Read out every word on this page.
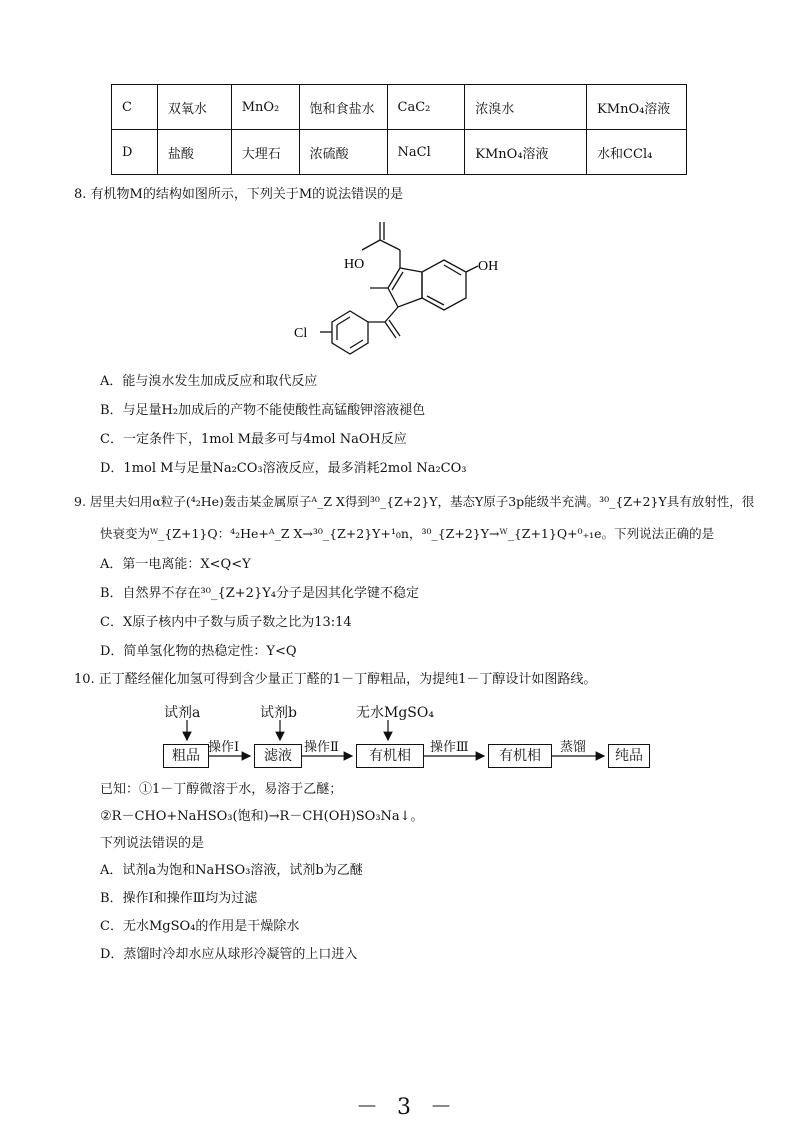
C	双氧水	MnO₂	饱和食盐水	CaC₂	浓溴水	KMnO₄溶液
D	盐酸	大理石	浓硫酸	NaCl	KMnO₄溶液	水和CCl₄
8. 有机物M的结构如图所示，下列关于M的说法错误的是
HO	OH
Cl
A．能与溴水发生加成反应和取代反应
B．与足量H₂加成后的产物不能使酸性高锰酸钾溶液褪色
C．一定条件下，1mol M最多可与4mol NaOH反应
D．1mol M与足量Na₂CO₃溶液反应，最多消耗2mol Na₂CO₃
9. 居里夫妇用α粒子(⁴₂He)轰击某金属原子ᴬ_Z X得到³⁰_{Z+2}Y，基态Y原子3p能级半充满。³⁰_{Z+2}Y具有放射性，很
快衰变为ᵂ_{Z+1}Q：⁴₂He+ᴬ_Z X→³⁰_{Z+2}Y+¹₀n，³⁰_{Z+2}Y→ᵂ_{Z+1}Q+⁰₊₁e。下列说法正确的是
A．第一电离能：X<Q<Y
B．自然界不存在³⁰_{Z+2}Y₄分子是因其化学键不稳定
C．X原子核内中子数与质子数之比为13:14
D．简单氢化物的热稳定性：Y<Q
10. 正丁醛经催化加氢可得到含少量正丁醛的1－丁醇粗品，为提纯1－丁醇设计如图路线。
试剂a	试剂b	无水MgSO₄
粗品	滤液	有机相	有机相	纯品
操作Ⅰ	操作Ⅱ	操作Ⅲ	蒸馏
已知：①1－丁醇微溶于水，易溶于乙醚；
②R－CHO+NaHSO₃(饱和)→R－CH(OH)SO₃Na↓。
下列说法错误的是
A．试剂a为饱和NaHSO₃溶液，试剂b为乙醚
B．操作Ⅰ和操作Ⅲ均为过滤
C．无水MgSO₄的作用是干燥除水
D．蒸馏时冷却水应从球形冷凝管的上口进入
－ 3 －
